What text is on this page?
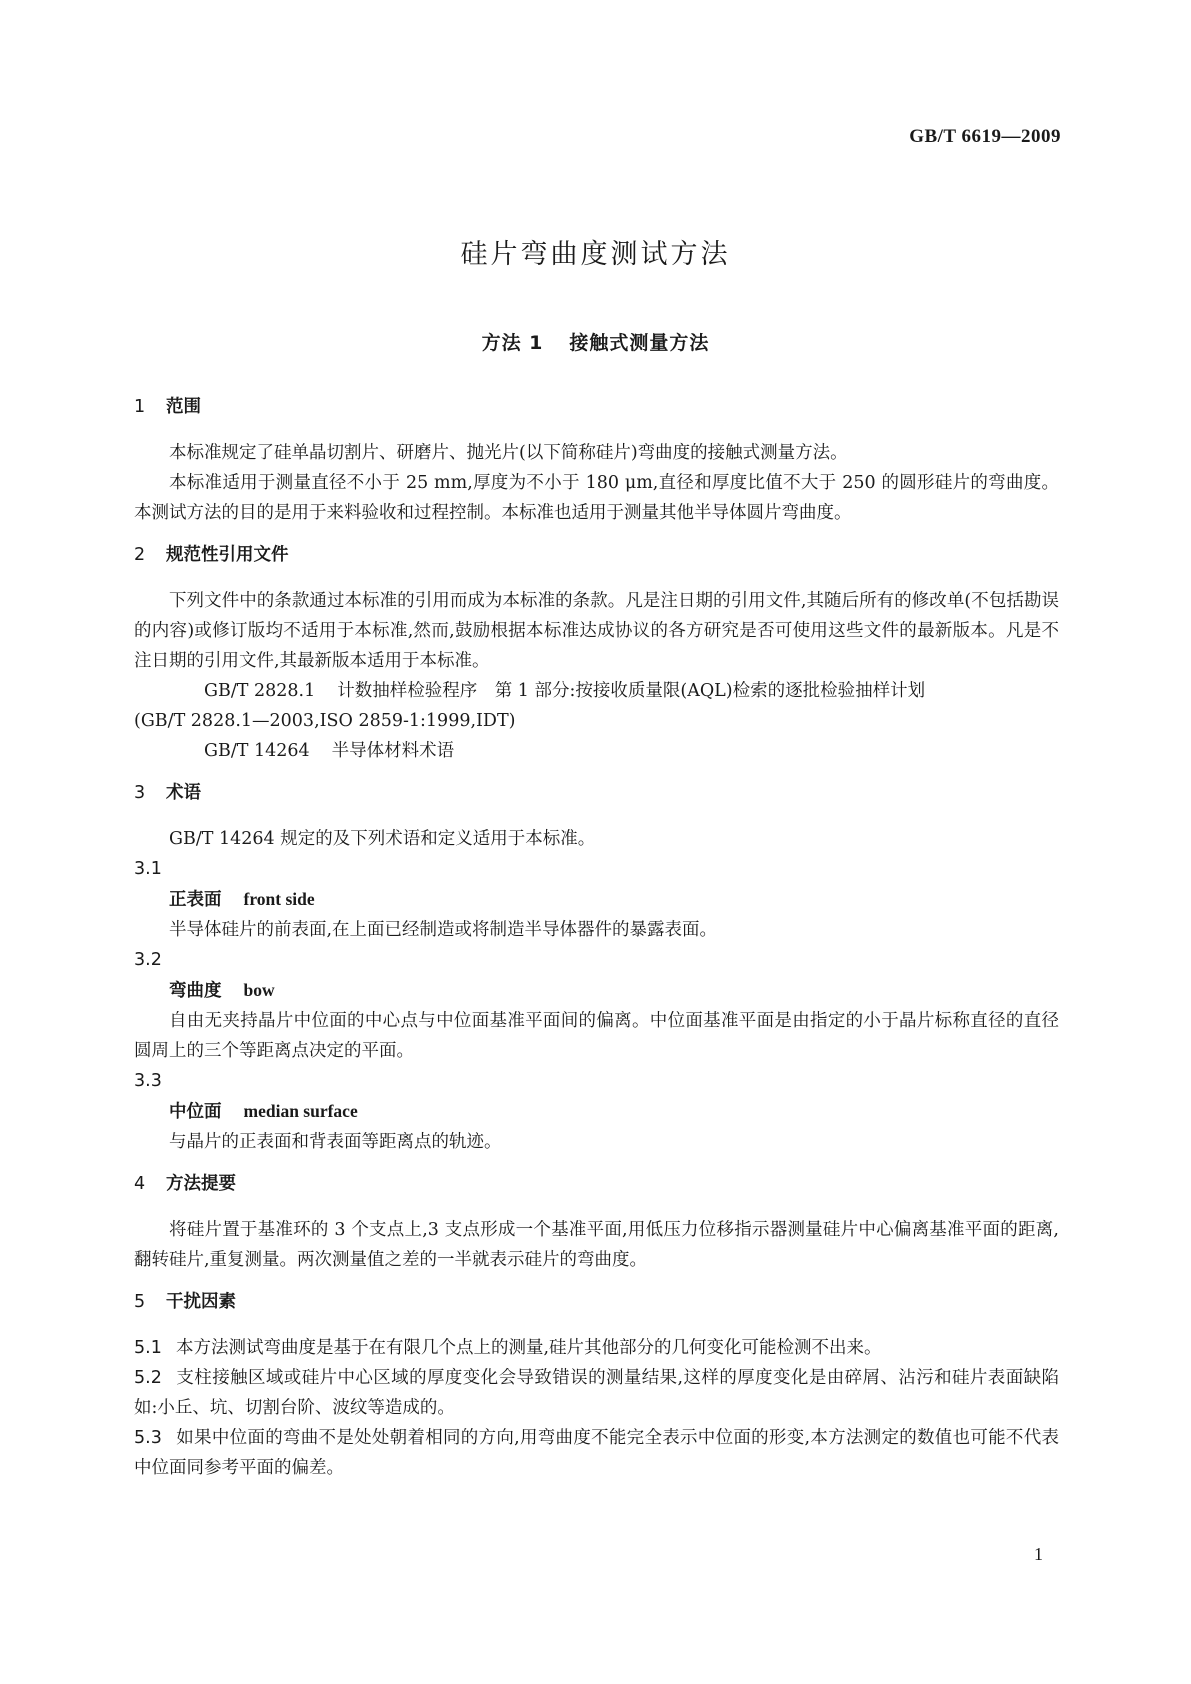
GB/T 6619—2009
硅片弯曲度测试方法
方法 1 接触式测量方法
1 范围

本标准规定了硅单晶切割片、研磨片、抛光片(以下简称硅片)弯曲度的接触式测量方法。

本标准适用于测量直径不小于 25 mm,厚度为不小于 180 μm,直径和厚度比值不大于 250 的圆形硅片的弯曲度。本测试方法的目的是用于来料验收和过程控制。本标准也适用于测量其他半导体圆片弯曲度。

2 规范性引用文件

下列文件中的条款通过本标准的引用而成为本标准的条款。凡是注日期的引用文件,其随后所有的修改单(不包括勘误的内容)或修订版均不适用于本标准,然而,鼓励根据本标准达成协议的各方研究是否可使用这些文件的最新版本。凡是不注日期的引用文件,其最新版本适用于本标准。

GB/T 2828.1 计数抽样检验程序　第 1 部分:按接收质量限(AQL)检索的逐批检验抽样计划

(GB/T 2828.1—2003,ISO 2859-1:1999,IDT)

GB/T 14264 半导体材料术语

3 术语

GB/T 14264 规定的及下列术语和定义适用于本标准。

3.1

正表面 front side

半导体硅片的前表面,在上面已经制造或将制造半导体器件的暴露表面。

3.2

弯曲度 bow

自由无夹持晶片中位面的中心点与中位面基准平面间的偏离。中位面基准平面是由指定的小于晶片标称直径的直径圆周上的三个等距离点决定的平面。

3.3

中位面 median surface

与晶片的正表面和背表面等距离点的轨迹。

4 方法提要

将硅片置于基准环的 3 个支点上,3 支点形成一个基准平面,用低压力位移指示器测量硅片中心偏离基准平面的距离,翻转硅片,重复测量。两次测量值之差的一半就表示硅片的弯曲度。

5 干扰因素

5.1 本方法测试弯曲度是基于在有限几个点上的测量,硅片其他部分的几何变化可能检测不出来。

5.2 支柱接触区域或硅片中心区域的厚度变化会导致错误的测量结果,这样的厚度变化是由碎屑、沾污和硅片表面缺陷如:小丘、坑、切割台阶、波纹等造成的。

5.3 如果中位面的弯曲不是处处朝着相同的方向,用弯曲度不能完全表示中位面的形变,本方法测定的数值也可能不代表中位面同参考平面的偏差。

1
